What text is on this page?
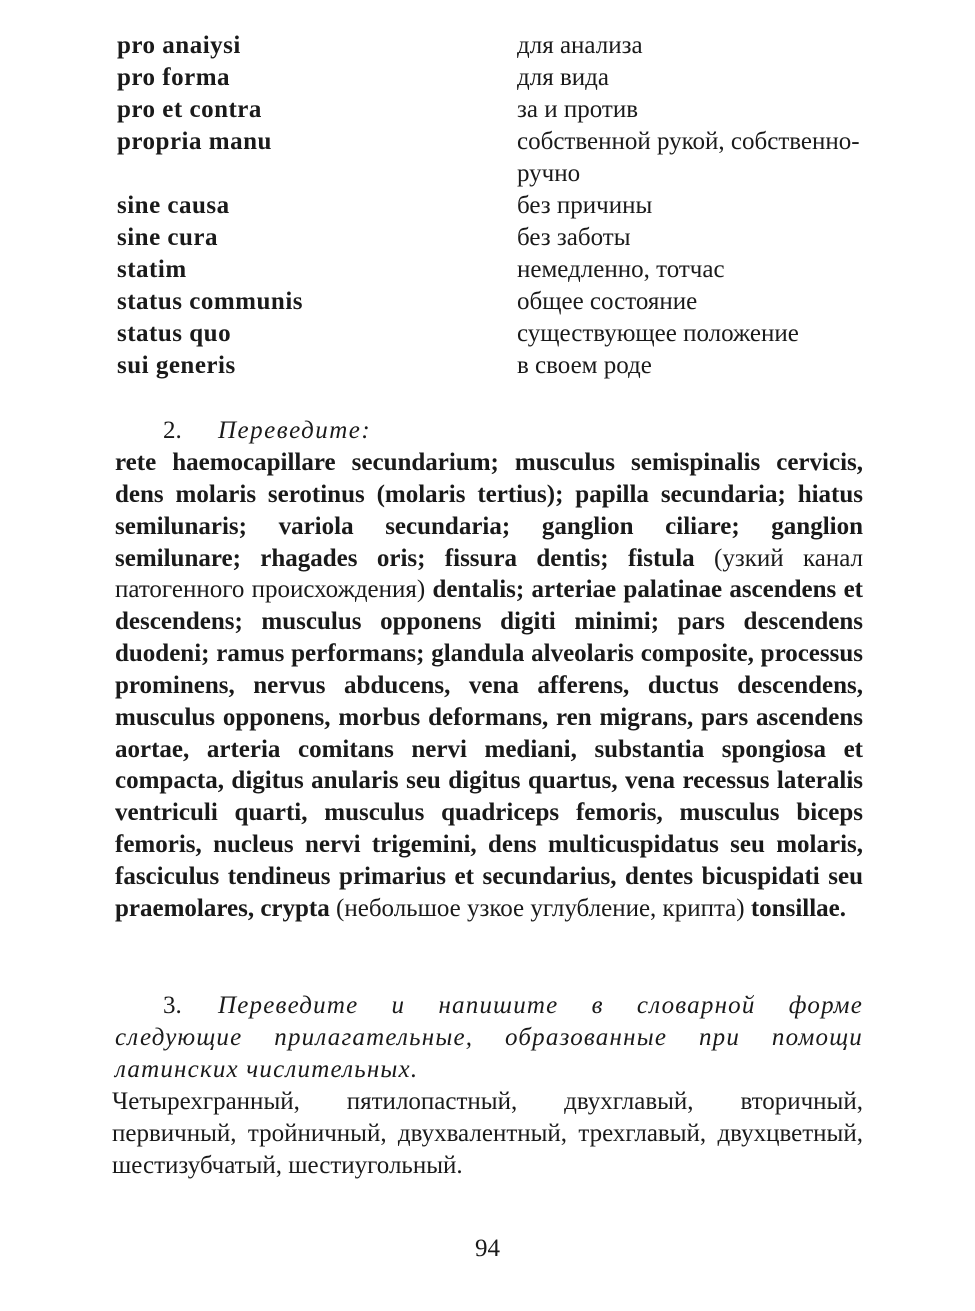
pro anaiysi	для анализа
pro forma	для вида
pro et contra	за и против
propria manu	собственной рукой, собственно-
ручно
sine causa	без причины
sine cura	без заботы
statim	немедленно, тотчас
status communis	общее состояние
status quo	существующее положение
sui generis	в своем роде
2. Переведите:
rete haemocapillare secundarium; musculus semispinalis cervicis, dens molaris serotinus (molaris tertius); papilla secundaria; hiatus semilunaris; variola secundaria; ganglion ciliare; ganglion semilunare; rhagades oris; fissura dentis; fistula (узкий канал патогенного происхождения) dentalis; arteriae palatinae ascendens et descendens; musculus opponens digiti minimi; pars descendens duodeni; ramus performans; glandula alveolaris composite, processus prominens, nervus abducens, vena afferens, ductus descendens, musculus opponens, morbus deformans, ren migrans, pars ascendens aortae, arteria comitans nervi mediani, substantia spongiosa et compacta, digitus anularis seu digitus quartus, vena recessus lateralis ventriculi quarti, musculus quadriceps femoris, musculus biceps femoris, nucleus nervi trigemini, dens multicuspidatus seu molaris, fasciculus tendineus primarius et secundarius, dentes bicuspidati seu praemolares, crypta (небольшое узкое углубление, крипта) tonsillae.
3. Переведите и напишите в словарной форме следующие прилагательные, образованные при помощи латинских числительных.
Четырехгранный, пятилопастный, двухглавый, вторичный, первичный, тройничный, двухвалентный, трехглавый, двухцветный, шестизубчатый, шестиугольный.
94
